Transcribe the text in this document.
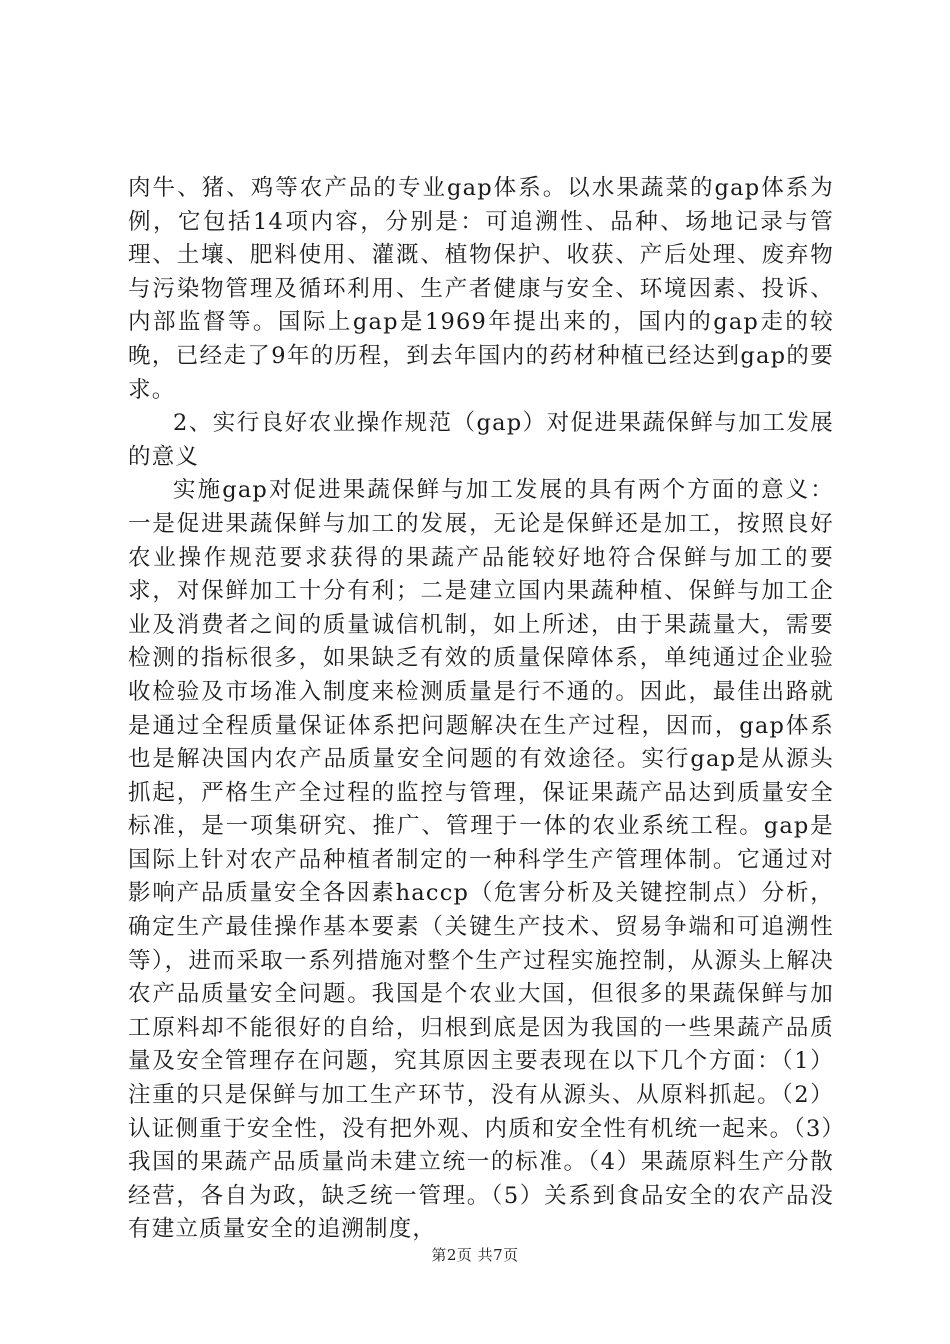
肉牛、猪、鸡等农产品的专业gap体系。以水果蔬菜的gap体系为例，它包括14项内容，分别是：可追溯性、品种、场地记录与管理、土壤、肥料使用、灌溉、植物保护、收获、产后处理、废弃物与污染物管理及循环利用、生产者健康与安全、环境因素、投诉、内部监督等。国际上gap是1969年提出来的，国内的gap走的较晚，已经走了9年的历程，到去年国内的药材种植已经达到gap的要求。

2、实行良好农业操作规范（gap）对促进果蔬保鲜与加工发展的意义

实施gap对促进果蔬保鲜与加工发展的具有两个方面的意义：一是促进果蔬保鲜与加工的发展，无论是保鲜还是加工，按照良好农业操作规范要求获得的果蔬产品能较好地符合保鲜与加工的要求，对保鲜加工十分有利；二是建立国内果蔬种植、保鲜与加工企业及消费者之间的质量诚信机制，如上所述，由于果蔬量大，需要检测的指标很多，如果缺乏有效的质量保障体系，单纯通过企业验收检验及市场准入制度来检测质量是行不通的。因此，最佳出路就是通过全程质量保证体系把问题解决在生产过程，因而，gap体系也是解决国内农产品质量安全问题的有效途径。实行gap是从源头抓起，严格生产全过程的监控与管理，保证果蔬产品达到质量安全标准，是一项集研究、推广、管理于一体的农业系统工程。gap是国际上针对农产品种植者制定的一种科学生产管理体制。它通过对影响产品质量安全各因素haccp（危害分析及关键控制点）分析，确定生产最佳操作基本要素（关键生产技术、贸易争端和可追溯性等），进而采取一系列措施对整个生产过程实施控制，从源头上解决农产品质量安全问题。我国是个农业大国，但很多的果蔬保鲜与加工原料却不能很好的自给，归根到底是因为我国的一些果蔬产品质量及安全管理存在问题，究其原因主要表现在以下几个方面：（1）注重的只是保鲜与加工生产环节，没有从源头、从原料抓起。（2）认证侧重于安全性，没有把外观、内质和安全性有机统一起来。（3）我国的果蔬产品质量尚未建立统一的标准。（4）果蔬原料生产分散经营，各自为政，缺乏统一管理。（5）关系到食品安全的农产品没有建立质量安全的追溯制度，

第2页 共7页
